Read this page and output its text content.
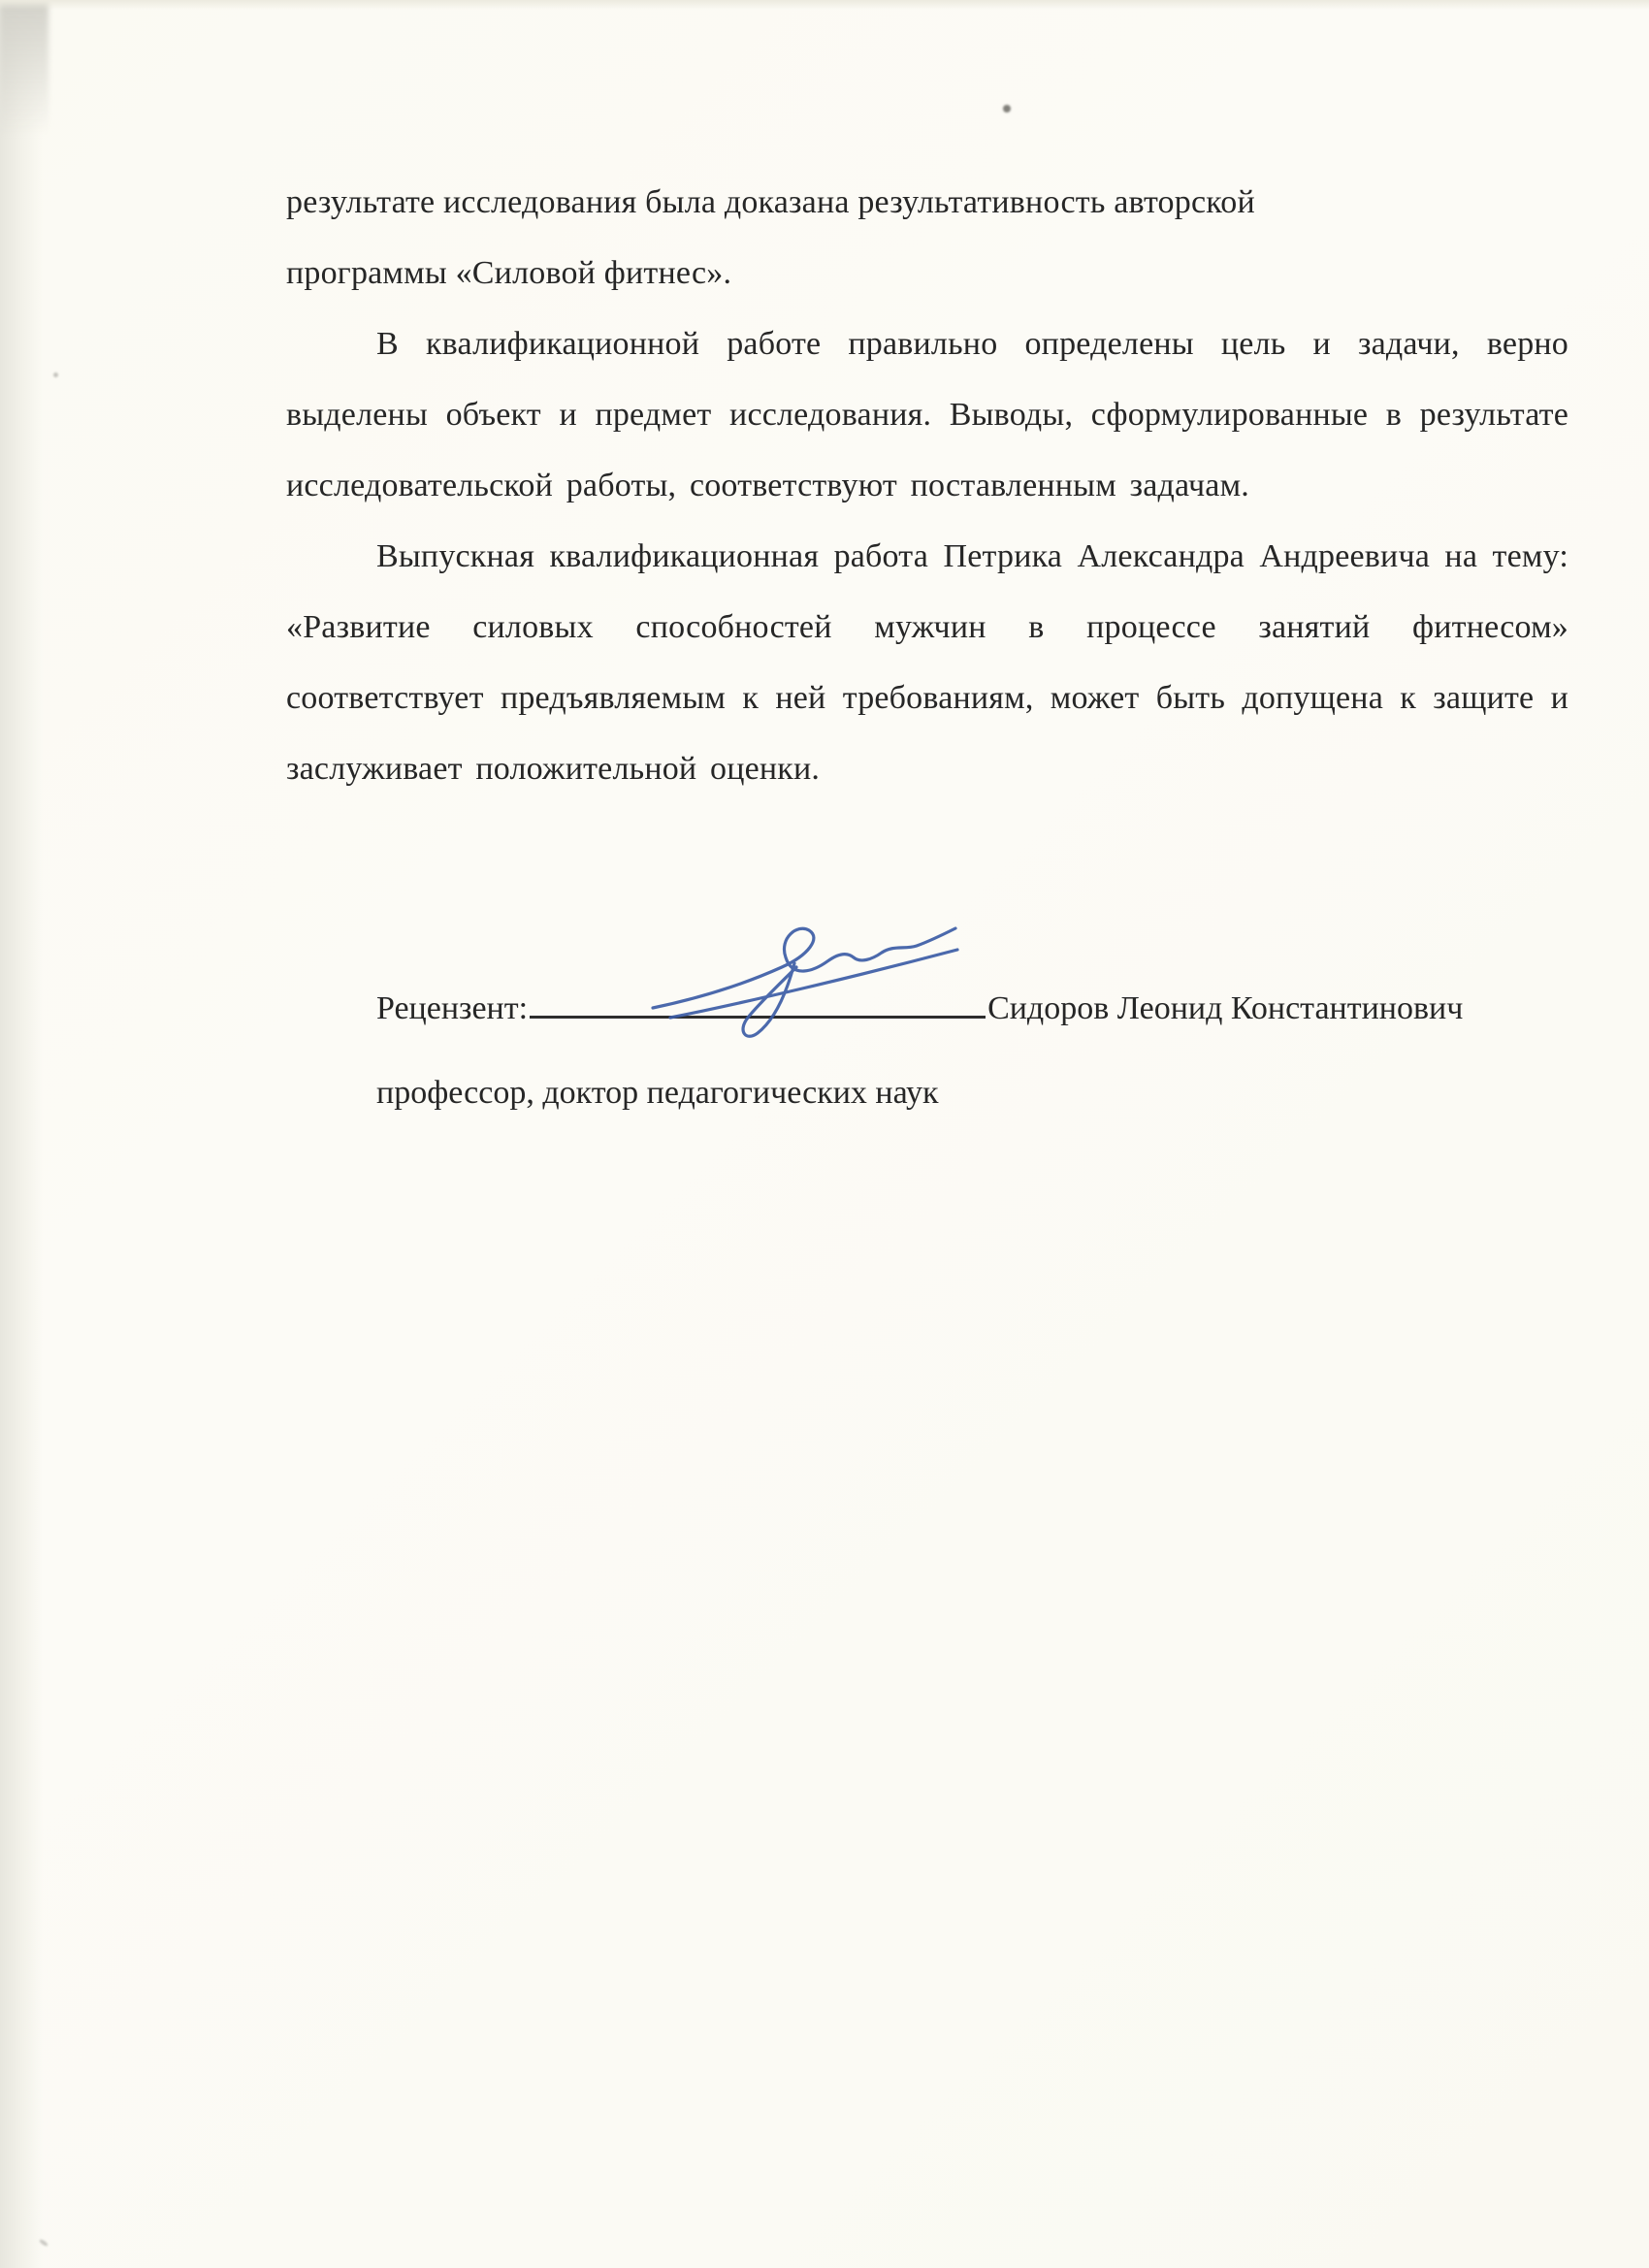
результате исследования была доказана результативность авторской
программы «Силовой фитнес».

В квалификационной работе правильно определены цель и задачи, верно выделены объект и предмет исследования. Выводы, сформулированные в результате исследовательской работы, соответствуют поставленным задачам.

Выпускная квалификационная работа Петрика Александра Андреевича на тему: «Развитие силовых способностей мужчин в процессе занятий фитнесом» соответствует предъявляемым к ней требованиям, может быть допущена к защите и заслуживает положительной оценки.

Рецензент:	Сидоров Леонид Константинович
профессор, доктор педагогических наук
